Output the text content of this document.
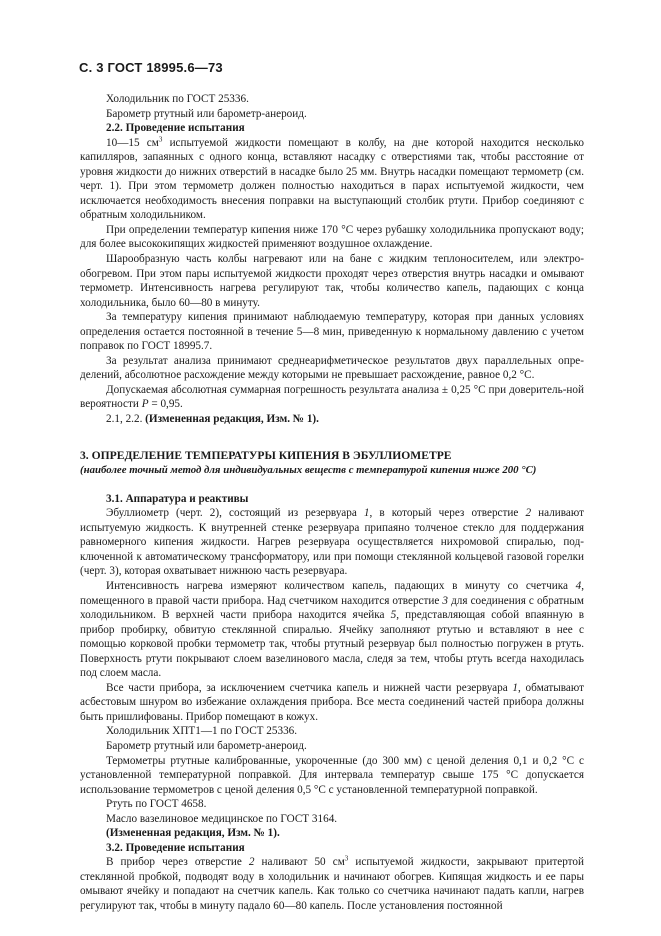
С. 3 ГОСТ 18995.6—73

Холодильник по ГОСТ 25336.

Барометр ртутный или барометр-анероид.

2.2. Проведение испытания

10—15 $см^3$ испытуемой жидкости помещают в колбу, на дне которой находится несколько капилляров, запаянных с одного конца, вставляют насадку с отверстиями так, чтобы расстояние от уровня жидкости до нижних отверстий в насадке было 25 мм. Внутрь насадки помещают термометр (см. черт. 1). При этом термометр должен полностью находиться в парах испытуемой жидкости, чем исключается необходимость внесения поправки на выступающий столбик ртути. Прибор соединяют с обратным холодильником.

При определении температур кипения ниже 170 °С через рубашку холодильника пропускают воду; для более высококипящих жидкостей применяют воздушное охлаждение.

Шарообразную часть колбы нагревают или на бане с жидким теплоносителем, или электро-обогревом. При этом пары испытуемой жидкости проходят через отверстия внутрь насадки и омывают термометр. Интенсивность нагрева регулируют так, чтобы количество капель, падающих с конца холодильника, было 60—80 в минуту.

За температуру кипения принимают наблюдаемую температуру, которая при данных условиях определения остается постоянной в течение 5—8 мин, приведенную к нормальному давлению с учетом поправок по ГОСТ 18995.7.

За результат анализа принимают среднеарифметическое результатов двух параллельных опре-делений, абсолютное расхождение между которыми не превышает расхождение, равное 0,2 °С.

Допускаемая абсолютная суммарная погрешность результата анализа ± 0,25 °С при доверитель-ной вероятности Р = 0,95.

2.1, 2.2. (Измененная редакция, Изм. № 1).

3. ОПРЕДЕЛЕНИЕ ТЕМПЕРАТУРЫ КИПЕНИЯ В ЭБУЛЛИОМЕТРЕ

(наиболее точный метод для индивидуальных веществ с температурой кипения ниже 200 °С)

3.1. Аппаратура и реактивы

Эбуллиометр (черт. 2), состоящий из резервуара 1, в который через отверстие 2 наливают испытуемую жидкость. К внутренней стенке резервуара припаяно толченое стекло для поддержания равномерного кипения жидкости. Нагрев резервуара осуществляется нихромовой спиралью, под-ключенной к автоматическому трансформатору, или при помощи стеклянной кольцевой газовой горелки (черт. 3), которая охватывает нижнюю часть резервуара.

Интенсивность нагрева измеряют количеством капель, падающих в минуту со счетчика 4, помещенного в правой части прибора. Над счетчиком находится отверстие 3 для соединения с обратным холодильником. В верхней части прибора находится ячейка 5, представляющая собой впаянную в прибор пробирку, обвитую стеклянной спиралью. Ячейку заполняют ртутью и вставляют в нее с помощью корковой пробки термометр так, чтобы ртутный резервуар был полностью погружен в ртуть. Поверхность ртути покрывают слоем вазелинового масла, следя за тем, чтобы ртуть всегда находилась под слоем масла.

Все части прибора, за исключением счетчика капель и нижней части резервуара 1, обматывают асбестовым шнуром во избежание охлаждения прибора. Все места соединений частей прибора должны быть пришлифованы. Прибор помещают в кожух.

Холодильник ХПТ1—1 по ГОСТ 25336.

Барометр ртутный или барометр-анероид.

Термометры ртутные калиброванные, укороченные (до 300 мм) с ценой деления 0,1 и 0,2 °С с установленной температурной поправкой. Для интервала температур свыше 175 °С допускается использование термометров с ценой деления 0,5 °С с установленной температурной поправкой.

Ртуть по ГОСТ 4658.

Масло вазелиновое медицинское по ГОСТ 3164.

(Измененная редакция, Изм. № 1).

3.2. Проведение испытания

В прибор через отверстие 2 наливают 50 $см^3$ испытуемой жидкости, закрывают притертой стеклянной пробкой, подводят воду в холодильник и начинают обогрев. Кипящая жидкость и ее пары омывают ячейку и попадают на счетчик капель. Как только со счетчика начинают падать капли, нагрев регулируют так, чтобы в минуту падало 60—80 капель. После установления постоянной
